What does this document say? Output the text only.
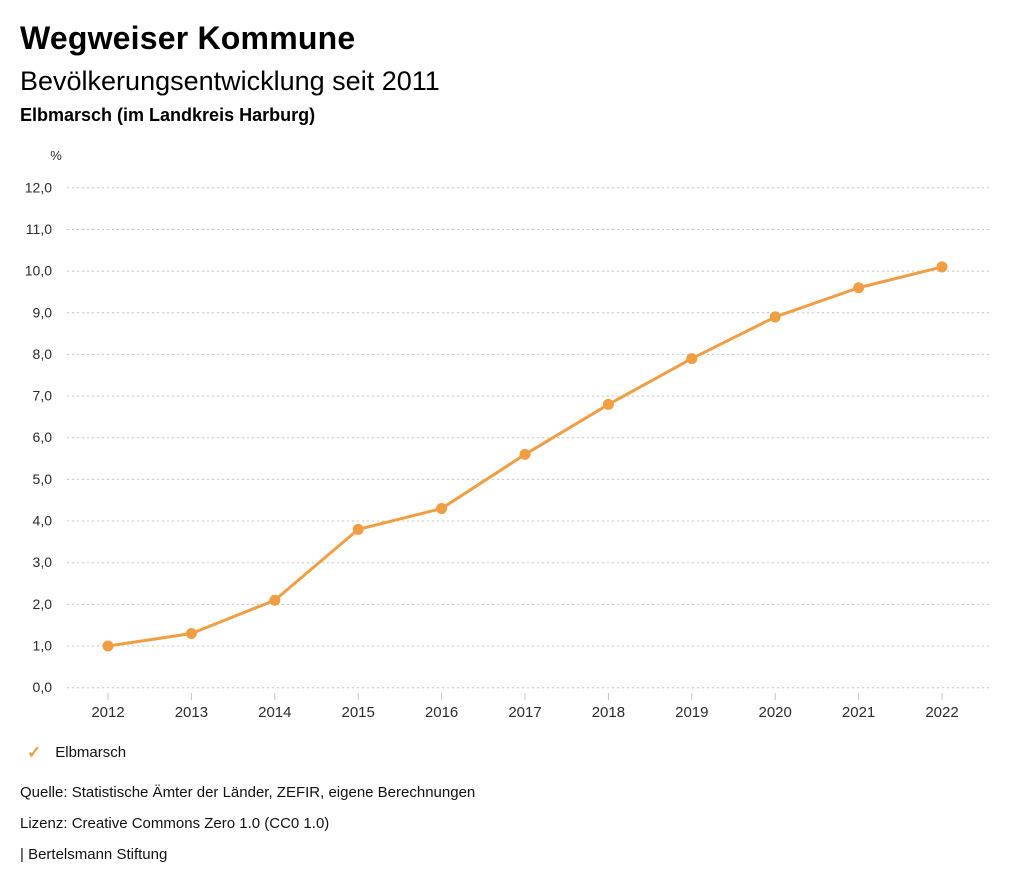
Wegweiser Kommune
Bevölkerungsentwicklung seit 2011
Elbmarsch (im Landkreis Harburg)
%
0,0
1,0
2,0
3,0
4,0
5,0
6,0
7,0
8,0
9,0
10,0
11,0
12,0
2012	2013	2014	2015	2016	2017	2018	2019	2020	2021	2022
✓ Elbmarsch
Quelle: Statistische Ämter der Länder, ZEFIR, eigene Berechnungen
Lizenz: Creative Commons Zero 1.0 (CC0 1.0)
| Bertelsmann Stiftung
